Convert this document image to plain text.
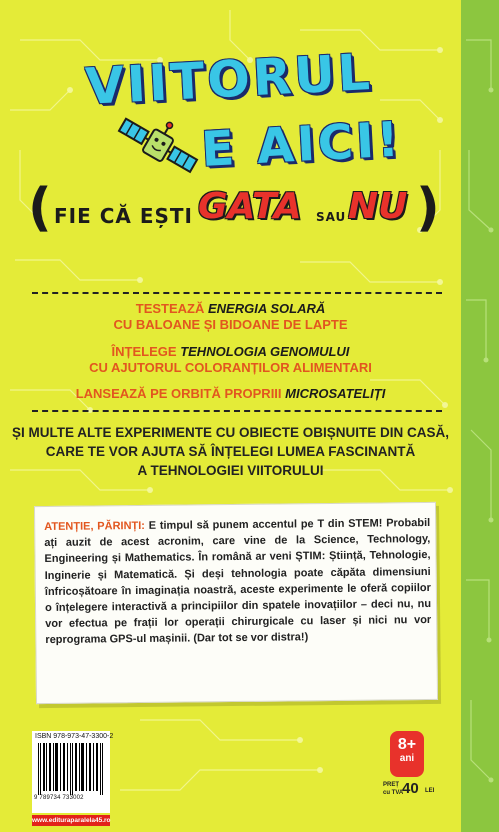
VIITORUL
E AICI!
( FIE CĂ EȘTI GATA SAU NU )
TESTEAZĂ ENERGIA SOLARĂ
CU BALOANE ȘI BIDOANE DE LAPTE
ÎNȚELEGE TEHNOLOGIA GENOMULUI
CU AJUTORUL COLORANȚILOR ALIMENTARI
LANSEAZĂ PE ORBITĂ PROPRIII MICROSATELIȚI
ȘI MULTE ALTE EXPERIMENTE CU OBIECTE OBIȘNUITE DIN CASĂ,
CARE TE VOR AJUTA SĂ ÎNȚELEGI LUMEA FASCINANTĂ
A TEHNOLOGIEI VIITORULUI
ATENȚIE, PĂRINȚI: E timpul să punem accentul pe T din STEM! Probabil ați auzit de acest acronim, care vine de la Science, Technology, Engineering și Mathematics. În română ar veni ȘTIM: Știință, Tehnologie, Inginerie și Matematică. Și deși tehnologia poate căpăta dimensiuni înfricoșătoare în imaginația noastră, aceste experimente le oferă copiilor o înțelegere interactivă a principiilor din spatele inovațiilor – deci nu, nu vor efectua pe frații lor operații chirurgicale cu laser și nici nu vor reprograma GPS-ul mașinii. (Dar tot se vor distra!)
ISBN 978-973-47-3300-2
9 789734 733002
www.edituraparalela45.ro
8+
ani
PREȚ
cu TVA
40 LEI
